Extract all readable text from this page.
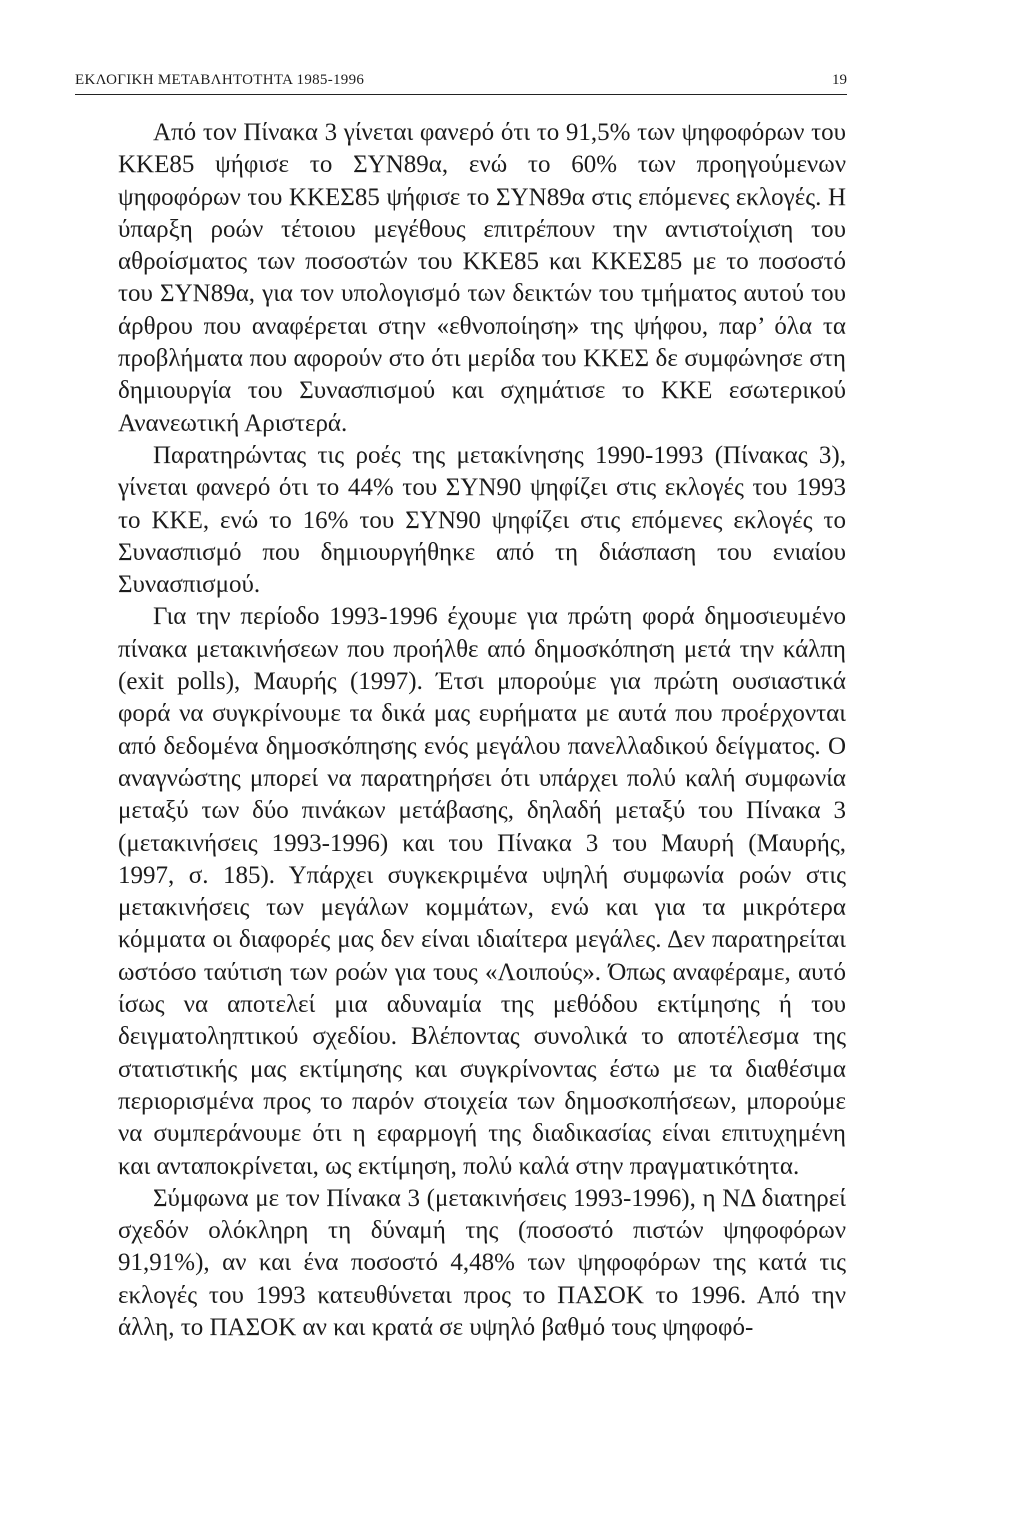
ΕΚΛΟΓΙΚΗ ΜΕΤΑΒΛΗΤΟΤΗΤΑ 1985-1996	19

Από τον Πίνακα 3 γίνεται φανερό ότι το 91,5% των ψηφοφόρων του ΚΚΕ85 ψήφισε το ΣΥΝ89α, ενώ το 60% των προηγούμενων ψηφοφόρων του ΚΚΕΣ85 ψήφισε το ΣΥΝ89α στις επόμενες εκλογές. Η ύπαρξη ροών τέτοιου μεγέθους επιτρέπουν την αντιστοίχιση του αθροίσματος των ποσοστών του ΚΚΕ85 και ΚΚΕΣ85 με το ποσοστό του ΣΥΝ89α, για τον υπολογισμό των δεικτών του τμήματος αυτού του άρθρου που αναφέρεται στην «εθνοποίηση» της ψήφου, παρ’ όλα τα προβλήματα που αφορούν στο ότι μερίδα του ΚΚΕΣ δε συμφώνησε στη δημιουργία του Συνασπισμού και σχημάτισε το ΚΚΕ εσωτερικού Ανανεωτική Αριστερά.

Παρατηρώντας τις ροές της μετακίνησης 1990-1993 (Πίνακας 3), γίνεται φανερό ότι το 44% του ΣΥΝ90 ψηφίζει στις εκλογές του 1993 το ΚΚΕ, ενώ το 16% του ΣΥΝ90 ψηφίζει στις επόμενες εκλογές το Συνασπισμό που δημιουργήθηκε από τη διάσπαση του ενιαίου Συνασπισμού.

Για την περίοδο 1993-1996 έχουμε για πρώτη φορά δημοσιευμένο πίνακα μετακινήσεων που προήλθε από δημοσκόπηση μετά την κάλπη (exit polls), Μαυρής (1997). Έτσι μπορούμε για πρώτη ουσιαστικά φορά να συγκρίνουμε τα δικά μας ευρήματα με αυτά που προέρχονται από δεδομένα δημοσκόπησης ενός μεγάλου πανελλαδικού δείγματος. Ο αναγνώστης μπορεί να παρατηρήσει ότι υπάρχει πολύ καλή συμφωνία μεταξύ των δύο πινάκων μετάβασης, δηλαδή μεταξύ του Πίνακα 3 (μετακινήσεις 1993-1996) και του Πίνακα 3 του Μαυρή (Μαυρής, 1997, σ. 185). Υπάρχει συγκεκριμένα υψηλή συμφωνία ροών στις μετακινήσεις των μεγάλων κομμάτων, ενώ και για τα μικρότερα κόμματα οι διαφορές μας δεν είναι ιδιαίτερα μεγάλες. Δεν παρατηρείται ωστόσο ταύτιση των ροών για τους «Λοιπούς». Όπως αναφέραμε, αυτό ίσως να αποτελεί μια αδυναμία της μεθόδου εκτίμησης ή του δειγματοληπτικού σχεδίου. Βλέποντας συνολικά το αποτέλεσμα της στατιστικής μας εκτίμησης και συγκρίνοντας έστω με τα διαθέσιμα περιορισμένα προς το παρόν στοιχεία των δημοσκοπήσεων, μπορούμε να συμπεράνουμε ότι η εφαρμογή της διαδικασίας είναι επιτυχημένη και ανταποκρίνεται, ως εκτίμηση, πολύ καλά στην πραγματικότητα.

Σύμφωνα με τον Πίνακα 3 (μετακινήσεις 1993-1996), η ΝΔ διατηρεί σχεδόν ολόκληρη τη δύναμή της (ποσοστό πιστών ψηφοφόρων 91,91%), αν και ένα ποσοστό 4,48% των ψηφοφόρων της κατά τις εκλογές του 1993 κατευθύνεται προς το ΠΑΣΟΚ το 1996. Από την άλλη, το ΠΑΣΟΚ αν και κρατά σε υψηλό βαθμό τους ψηφοφό-
